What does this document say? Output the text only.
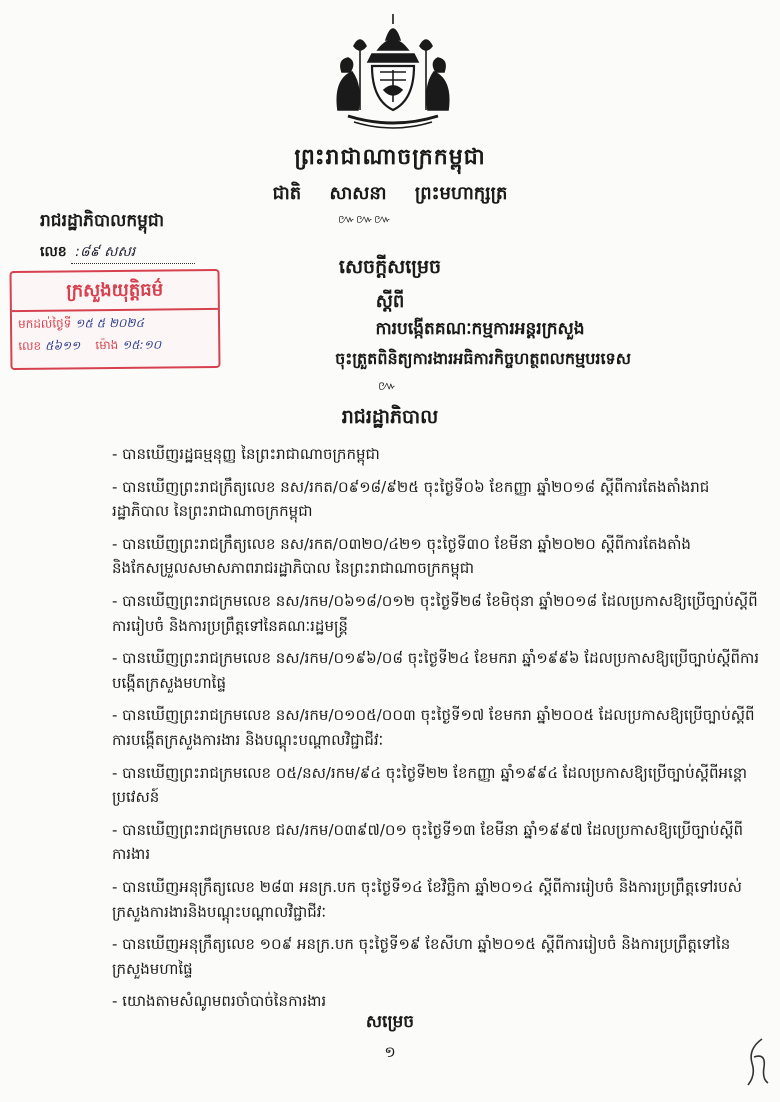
ព្រះរាជាណាចក្រកម្ពុជា
ជាតិ សាសនា ព្រះមហាក្សត្រ
៚៚៚
រាជរដ្ឋាភិបាលកម្ពុជា
លេខ :៨៩ សសរ
ក្រសួងយុត្តិធម៌
មកដល់ថ្ងៃទី ១៥ ៥ ២០២៤
លេខ ៥៦១១ ម៉ោង ១៥:១០
សេចក្ដីសម្រេច
ស្ដីពី
ការបង្កើតគណៈកម្មការអន្តរក្រសួង
ចុះត្រួតពិនិត្យការងារអធិការកិច្ចហត្ថពលកម្មបរទេស
៚
រាជរដ្ឋាភិបាល
- បានឃើញរដ្ឋធម្មនុញ្ញ នៃព្រះរាជាណាចក្រកម្ពុជា
- បានឃើញព្រះរាជក្រឹត្យលេខ នស/រកត/០៩១៨/៩២៥ ចុះថ្ងៃទី០៦ ខែកញ្ញា ឆ្នាំ២០១៨ ស្ដីពីការតែងតាំងរាជរដ្ឋាភិបាល នៃព្រះរាជាណាចក្រកម្ពុជា
- បានឃើញព្រះរាជក្រឹត្យលេខ នស/រកត/០៣២០/៤២១ ចុះថ្ងៃទី៣០ ខែមីនា ឆ្នាំ២០២០ ស្ដីពីការតែងតាំង និងកែសម្រួលសមាសភាពរាជរដ្ឋាភិបាល នៃព្រះរាជាណាចក្រកម្ពុជា
- បានឃើញព្រះរាជក្រមលេខ នស/រកម/០៦១៨/០១២ ចុះថ្ងៃទី២៨ ខែមិថុនា ឆ្នាំ២០១៨ ដែលប្រកាសឱ្យប្រើច្បាប់ស្ដីពីការរៀបចំ និងការប្រព្រឹត្តទៅនៃគណៈរដ្ឋមន្ត្រី
- បានឃើញព្រះរាជក្រមលេខ នស/រកម/០១៩៦/០៨ ចុះថ្ងៃទី២៤ ខែមករា ឆ្នាំ១៩៩៦ ដែលប្រកាសឱ្យប្រើច្បាប់ស្ដីពីការបង្កើតក្រសួងមហាផ្ទៃ
- បានឃើញព្រះរាជក្រមលេខ នស/រកម/០១០៥/០០៣ ចុះថ្ងៃទី១៧ ខែមករា ឆ្នាំ២០០៥ ដែលប្រកាសឱ្យប្រើច្បាប់ស្ដីពីការបង្កើតក្រសួងការងារ និងបណ្ដុះបណ្ដាលវិជ្ជាជីវៈ
- បានឃើញព្រះរាជក្រមលេខ ០៥/នស/រកម/៩៤ ចុះថ្ងៃទី២២ ខែកញ្ញា ឆ្នាំ១៩៩៤ ដែលប្រកាសឱ្យប្រើច្បាប់ស្ដីពីអន្តោប្រវេសន៍
- បានឃើញព្រះរាជក្រមលេខ ជស/រកម/០៣៩៧/០១ ចុះថ្ងៃទី១៣ ខែមីនា ឆ្នាំ១៩៩៧ ដែលប្រកាសឱ្យប្រើច្បាប់ស្ដីពីការងារ
- បានឃើញអនុក្រឹត្យលេខ ២៨៣ អនក្រ.បក ចុះថ្ងៃទី១៤ ខែវិច្ឆិកា ឆ្នាំ២០១៤ ស្ដីពីការរៀបចំ និងការប្រព្រឹត្តទៅរបស់ក្រសួងការងារនិងបណ្ដុះបណ្ដាលវិជ្ជាជីវៈ
- បានឃើញអនុក្រឹត្យលេខ ១០៩ អនក្រ.បក ចុះថ្ងៃទី១៩ ខែសីហា ឆ្នាំ២០១៥ ស្ដីពីការរៀបចំ និងការប្រព្រឹត្តទៅនៃក្រសួងមហាផ្ទៃ
- យោងតាមសំណូមពរចាំបាច់នៃការងារ
សម្រេច
១
